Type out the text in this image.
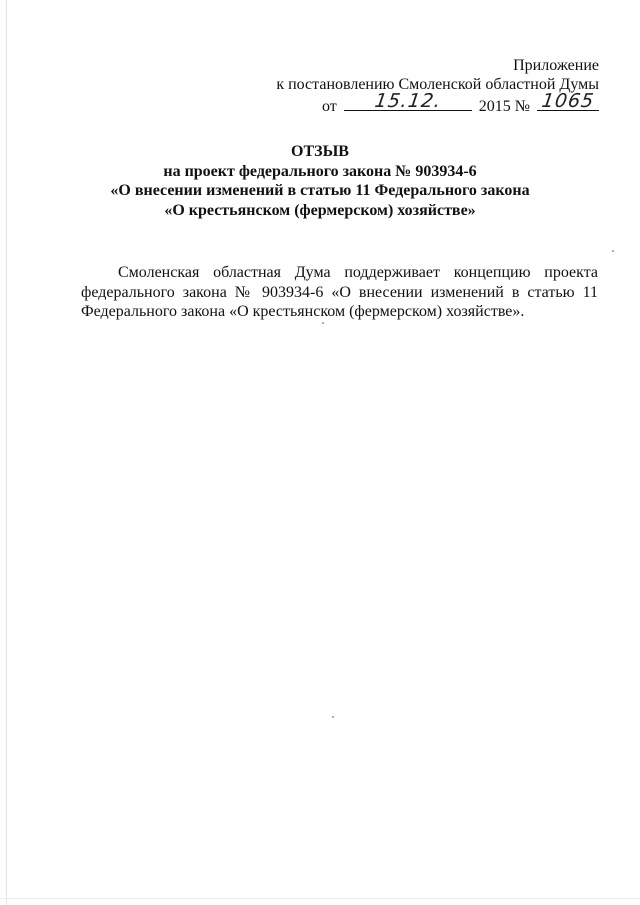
Приложение
к постановлению Смоленской областной Думы
от	15.12.	2015 № 1065
ОТЗЫВ
на проект федерального закона № 903934-6
«О внесении изменений в статью 11 Федерального закона
«О крестьянском (фермерском) хозяйстве»

Смоленская областная Дума поддерживает концепцию проекта федерального закона № 903934-6 «О внесении изменений в статью 11 Федерального закона «О крестьянском (фермерском) хозяйстве».
